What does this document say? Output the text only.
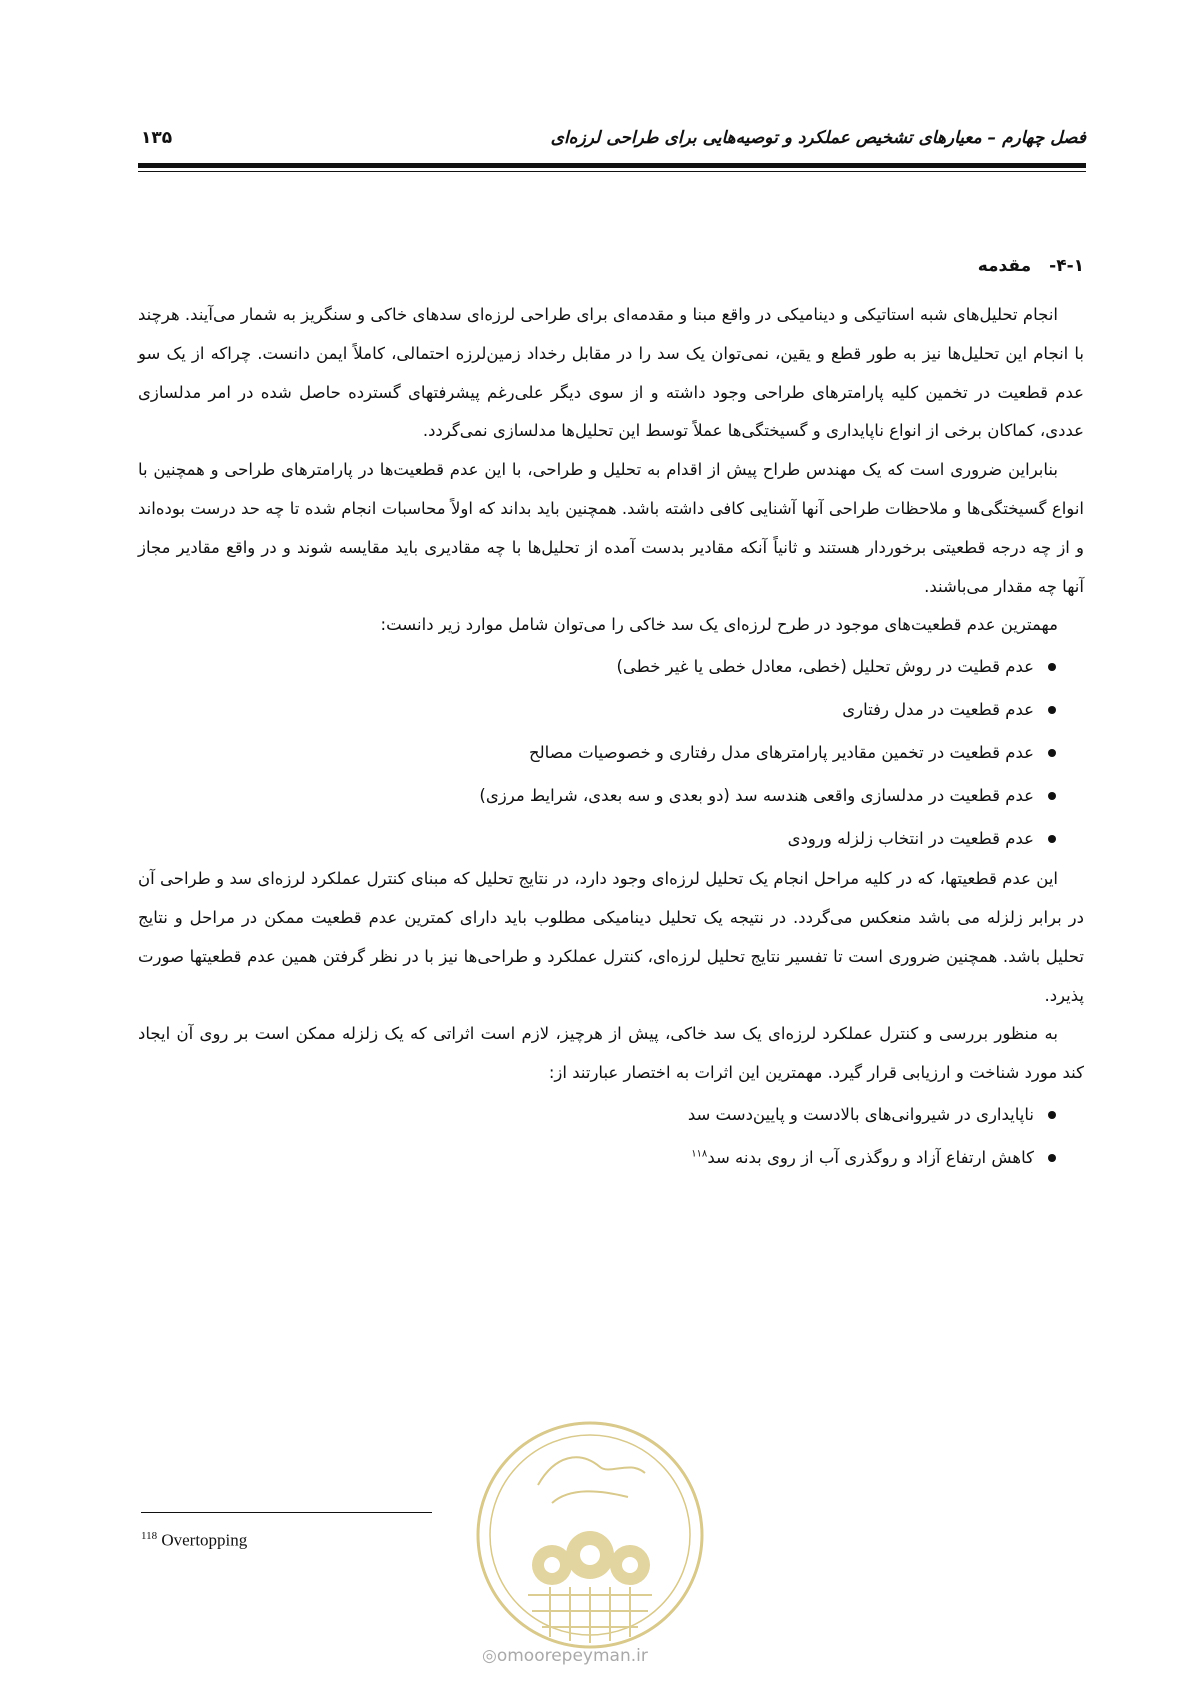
فصل چهارم – معیارهای تشخیص عملکرد و توصیه‌هایی برای طراحی لرزه‌ای
۱۳۵
۴-۱-مقدمه

انجام تحلیل‌های شبه استاتیکی و دینامیکی در واقع مبنا و مقدمه‌ای برای طراحی لرزه‌ای سدهای خاکی و سنگریز به شمار می‌آیند. هرچند با انجام این تحلیل‌ها نیز به طور قطع و یقین، نمی‌توان یک سد را در مقابل رخداد زمین‌لرزه احتمالی، کاملاً ایمن دانست. چراکه از یک سو عدم قطعیت در تخمین کلیه پارامترهای طراحی وجود داشته و از سوی دیگر علی‌رغم پیشرفتهای گسترده حاصل شده در امر مدلسازی عددی، کماکان برخی از انواع ناپایداری و گسیختگی‌ها عملاً توسط این تحلیل‌ها مدلسازی نمی‌گردد.

بنابراین ضروری است که یک مهندس طراح پیش از اقدام به تحلیل و طراحی، با این عدم قطعیت‌ها در پارامترهای طراحی و همچنین با انواع گسیختگی‌ها و ملاحظات طراحی آنها آشنایی کافی داشته باشد. همچنین باید بداند که اولاً محاسبات انجام شده تا چه حد درست بوده‌اند و از چه درجه قطعیتی برخوردار هستند و ثانیاً آنکه مقادیر بدست آمده از تحلیل‌ها با چه مقادیری باید مقایسه شوند و در واقع مقادیر مجاز آنها چه مقدار می‌باشند.

مهمترین عدم قطعیت‌های موجود در طرح لرزه‌ای یک سد خاکی را می‌توان شامل موارد زیر دانست:

عدم قطیت در روش تحلیل (خطی، معادل خطی یا غیر خطی)
عدم قطعیت در مدل رفتاری
عدم قطعیت در تخمین مقادیر پارامترهای مدل رفتاری و خصوصیات مصالح
عدم قطعیت در مدلسازی واقعی هندسه سد (دو بعدی و سه بعدی، شرایط مرزی)
عدم قطعیت در انتخاب زلزله ورودی

این عدم قطعیتها، که در کلیه مراحل انجام یک تحلیل لرزه‌ای وجود دارد، در نتایج تحلیل که مبنای کنترل عملکرد لرزه‌ای سد و طراحی آن در برابر زلزله می باشد منعکس می‌گردد. در نتیجه یک تحلیل دینامیکی مطلوب باید دارای کمترین عدم قطعیت ممکن در مراحل و نتایج تحلیل باشد. همچنین ضروری است تا تفسیر نتایج تحلیل لرزه‌ای، کنترل عملکرد و طراحی‌ها نیز با در نظر گرفتن همین عدم قطعیتها صورت پذیرد.

به منظور بررسی و کنترل عملکرد لرزه‌ای یک سد خاکی، پیش از هرچیز، لازم است اثراتی که یک زلزله ممکن است بر روی آن ایجاد کند مورد شناخت و ارزیابی قرار گیرد. مهمترین این اثرات به اختصار عبارتند از:

ناپایداری در شیروانی‌های بالادست و پایین‌دست سد
کاهش ارتفاع آزاد و روگذری آب از روی بدنه سد$^{۱۱۸}$
◎omoorepeyman.ir
$^{118}$ Overtopping
